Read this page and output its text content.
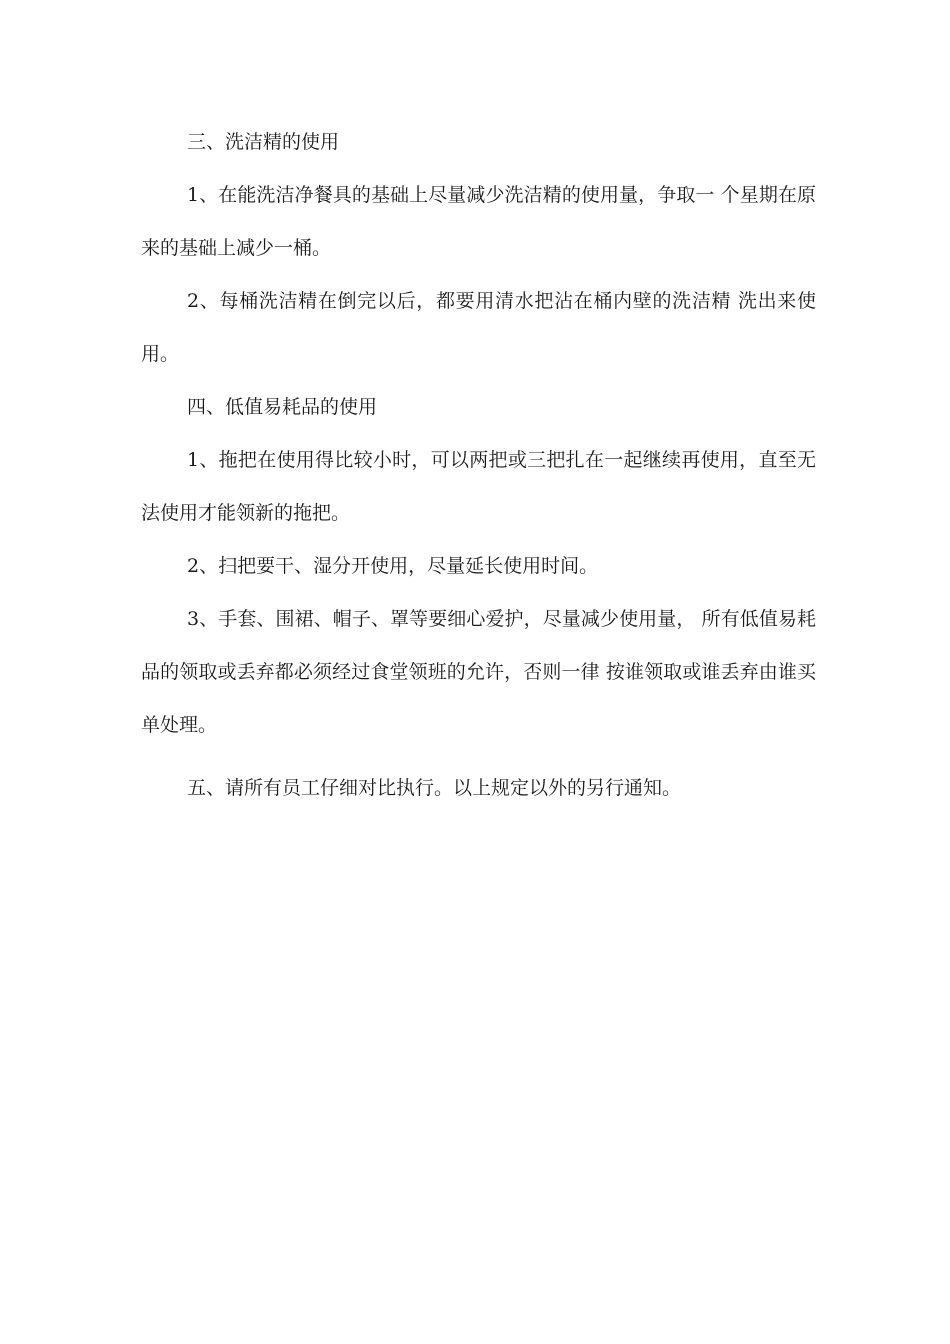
三、洗洁精的使用

1、在能洗洁净餐具的基础上尽量减少洗洁精的使用量，争取一 个星期在原来的基础上减少一桶。

2、每桶洗洁精在倒完以后，都要用清水把沾在桶内壁的洗洁精 洗出来使用。

四、低值易耗品的使用

1、拖把在使用得比较小时，可以两把或三把扎在一起继续再使用，直至无法使用才能领新的拖把。

2、扫把要干、湿分开使用，尽量延长使用时间。

3、手套、围裙、帽子、罩等要细心爱护，尽量减少使用量， 所有低值易耗品的领取或丢弃都必须经过食堂领班的允许，否则一律 按谁领取或谁丢弃由谁买单处理。

五、请所有员工仔细对比执行。以上规定以外的另行通知。
